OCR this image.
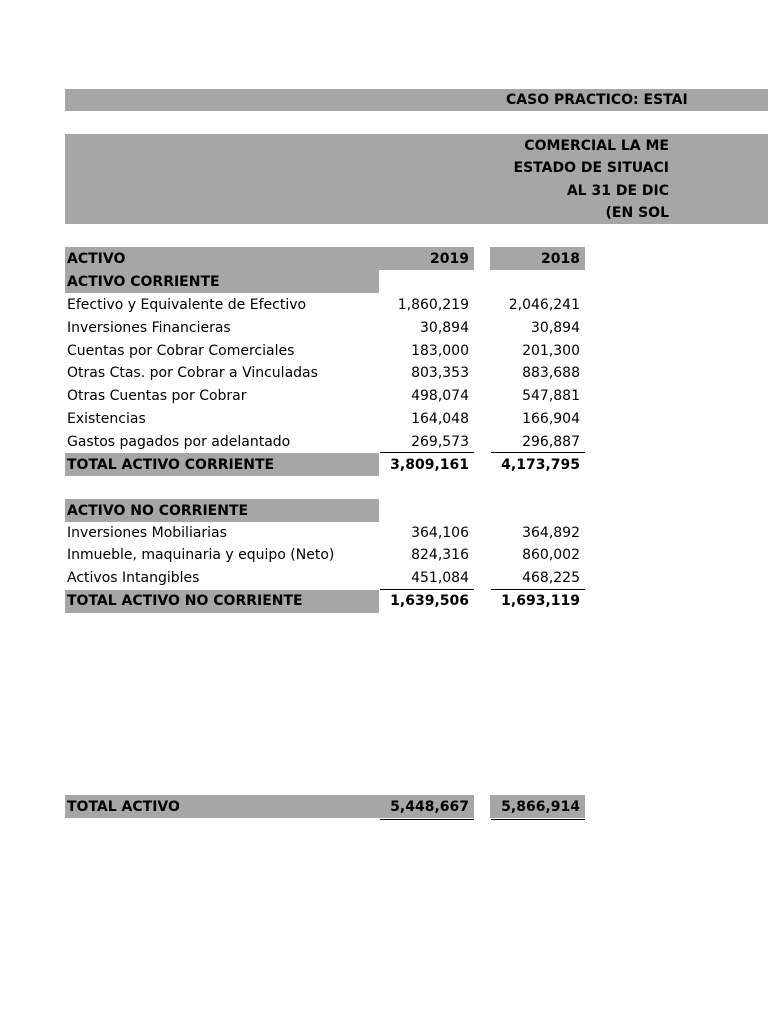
CASO PRACTICO: ESTAI
COMERCIAL LA ME
ESTADO DE SITUACI
AL 31 DE DIC
(EN SOL
ACTIVO	2019	2018
ACTIVO CORRIENTE
Efectivo y Equivalente de Efectivo	1,860,219	2,046,241
Inversiones Financieras	30,894	30,894
Cuentas por Cobrar Comerciales	183,000	201,300
Otras Ctas. por Cobrar a Vinculadas	803,353	883,688
Otras Cuentas por Cobrar	498,074	547,881
Existencias	164,048	166,904
Gastos pagados por adelantado	269,573	296,887
TOTAL ACTIVO CORRIENTE	3,809,161	4,173,795
ACTIVO NO CORRIENTE
Inversiones Mobiliarias	364,106	364,892
Inmueble, maquinaria y equipo (Neto)	824,316	860,002
Activos Intangibles	451,084	468,225
TOTAL ACTIVO NO CORRIENTE	1,639,506	1,693,119
TOTAL ACTIVO	5,448,667	5,866,914
